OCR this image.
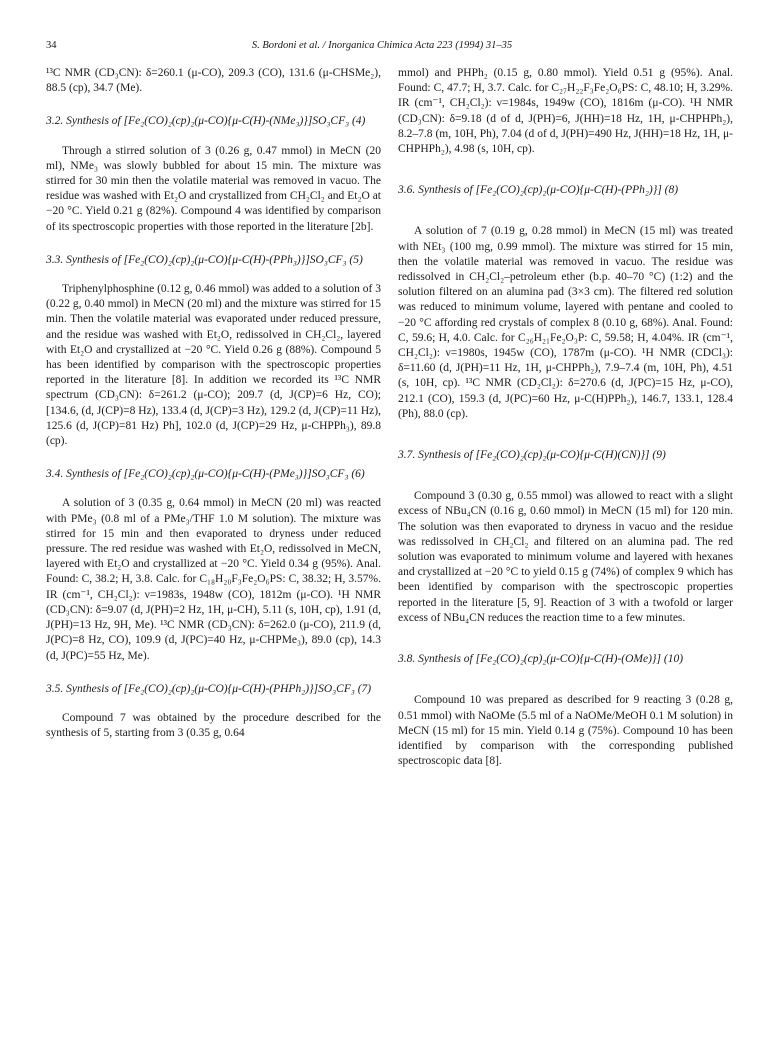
34	S. Bordoni et al. / Inorganica Chimica Acta 223 (1994) 31–35

¹³C NMR (CD₃CN): δ=260.1 (μ-CO), 209.3 (CO), 131.6 (μ-CHSMe₂), 88.5 (cp), 34.7 (Me).

3.2. Synthesis of [Fe₂(CO)₂(cp)₂(μ-CO){μ-C(H)-(NMe₃)}]SO₃CF₃ (4)

Through a stirred solution of 3 (0.26 g, 0.47 mmol) in MeCN (20 ml), NMe₃ was slowly bubbled for about 15 min. The mixture was stirred for 30 min then the volatile material was removed in vacuo. The residue was washed with Et₂O and crystallized from CH₂Cl₂ and Et₂O at −20 °C. Yield 0.21 g (82%). Compound 4 was identified by comparison of its spectroscopic properties with those reported in the literature [2b].

3.3. Synthesis of [Fe₂(CO)₂(cp)₂(μ-CO){μ-C(H)-(PPh₃)}]SO₃CF₃ (5)

Triphenylphosphine (0.12 g, 0.46 mmol) was added to a solution of 3 (0.22 g, 0.40 mmol) in MeCN (20 ml) and the mixture was stirred for 15 min. Then the volatile material was evaporated under reduced pressure, and the residue was washed with Et₂O, redissolved in CH₂Cl₂, layered with Et₂O and crystallized at −20 °C. Yield 0.26 g (88%). Compound 5 has been identified by comparison with the spectroscopic properties reported in the literature [8]. In addition we recorded its ¹³C NMR spectrum (CD₃CN): δ=261.2 (μ-CO); 209.7 (d, J(CP)=6 Hz, CO); [134.6, (d, J(CP)=8 Hz), 133.4 (d, J(CP)=3 Hz), 129.2 (d, J(CP)=11 Hz), 125.6 (d, J(CP)=81 Hz) Ph], 102.0 (d, J(CP)=29 Hz, μ-CHPPh₃), 89.8 (cp).

3.4. Synthesis of [Fe₂(CO)₂(cp)₂(μ-CO){μ-C(H)-(PMe₃)}]SO₃CF₃ (6)

A solution of 3 (0.35 g, 0.64 mmol) in MeCN (20 ml) was reacted with PMe₃ (0.8 ml of a PMe₃/THF 1.0 M solution). The mixture was stirred for 15 min and then evaporated to dryness under reduced pressure. The red residue was washed with Et₂O, redissolved in MeCN, layered with Et₂O and crystallized at −20 °C. Yield 0.34 g (95%). Anal. Found: C, 38.2; H, 3.8. Calc. for C₁₈H₂₀F₃Fe₂O₆PS: C, 38.32; H, 3.57%. IR (cm⁻¹, CH₂Cl₂): ν=1983s, 1948w (CO), 1812m (μ-CO). ¹H NMR (CD₃CN): δ=9.07 (d, J(PH)=2 Hz, 1H, μ-CH), 5.11 (s, 10H, cp), 1.91 (d, J(PH)=13 Hz, 9H, Me). ¹³C NMR (CD₃CN): δ=262.0 (μ-CO), 211.9 (d, J(PC)=8 Hz, CO), 109.9 (d, J(PC)=40 Hz, μ-CHPMe₃), 89.0 (cp), 14.3 (d, J(PC)=55 Hz, Me).

3.5. Synthesis of [Fe₂(CO)₂(cp)₂(μ-CO){μ-C(H)-(PHPh₂)}]SO₃CF₃ (7)

Compound 7 was obtained by the procedure described for the synthesis of 5, starting from 3 (0.35 g, 0.64

mmol) and PHPh₂ (0.15 g, 0.80 mmol). Yield 0.51 g (95%). Anal. Found: C, 47.7; H, 3.7. Calc. for C₂₇H₂₂F₃Fe₂O₆PS: C, 48.10; H, 3.29%. IR (cm⁻¹, CH₂Cl₂): ν=1984s, 1949w (CO), 1816m (μ-CO). ¹H NMR (CD₃CN): δ=9.18 (d of d, J(PH)=6, J(HH)=18 Hz, 1H, μ-CHPHPh₂), 8.2–7.8 (m, 10H, Ph), 7.04 (d of d, J(PH)=490 Hz, J(HH)=18 Hz, 1H, μ-CHPHPh₂), 4.98 (s, 10H, cp).

3.6. Synthesis of [Fe₂(CO)₂(cp)₂(μ-CO){μ-C(H)-(PPh₂)}] (8)

A solution of 7 (0.19 g, 0.28 mmol) in MeCN (15 ml) was treated with NEt₃ (100 mg, 0.99 mmol). The mixture was stirred for 15 min, then the volatile material was removed in vacuo. The residue was redissolved in CH₂Cl₂–petroleum ether (b.p. 40–70 °C) (1:2) and the solution filtered on an alumina pad (3×3 cm). The filtered red solution was reduced to minimum volume, layered with pentane and cooled to −20 °C affording red crystals of complex 8 (0.10 g, 68%). Anal. Found: C, 59.6; H, 4.0. Calc. for C₂₆H₂₁Fe₂O₃P: C, 59.58; H, 4.04%. IR (cm⁻¹, CH₂Cl₂): ν=1980s, 1945w (CO), 1787m (μ-CO). ¹H NMR (CDCl₃): δ=11.60 (d, J(PH)=11 Hz, 1H, μ-CHPPh₂), 7.9–7.4 (m, 10H, Ph), 4.51 (s, 10H, cp). ¹³C NMR (CD₂Cl₂): δ=270.6 (d, J(PC)=15 Hz, μ-CO), 212.1 (CO), 159.3 (d, J(PC)=60 Hz, μ-C(H)PPh₂), 146.7, 133.1, 128.4 (Ph), 88.0 (cp).

3.7. Synthesis of [Fe₂(CO)₂(cp)₂(μ-CO){μ-C(H)(CN)}] (9)

Compound 3 (0.30 g, 0.55 mmol) was allowed to react with a slight excess of NBu₄CN (0.16 g, 0.60 mmol) in MeCN (15 ml) for 120 min. The solution was then evaporated to dryness in vacuo and the residue was redissolved in CH₂Cl₂ and filtered on an alumina pad. The red solution was evaporated to minimum volume and layered with hexanes and crystallized at −20 °C to yield 0.15 g (74%) of complex 9 which has been identified by comparison with the spectroscopic properties reported in the literature [5, 9]. Reaction of 3 with a twofold or larger excess of NBu₄CN reduces the reaction time to a few minutes.

3.8. Synthesis of [Fe₂(CO)₂(cp)₂(μ-CO){μ-C(H)-(OMe)}] (10)

Compound 10 was prepared as described for 9 reacting 3 (0.28 g, 0.51 mmol) with NaOMe (5.5 ml of a NaOMe/MeOH 0.1 M solution) in MeCN (15 ml) for 15 min. Yield 0.14 g (75%). Compound 10 has been identified by comparison with the corresponding published spectroscopic data [8].
